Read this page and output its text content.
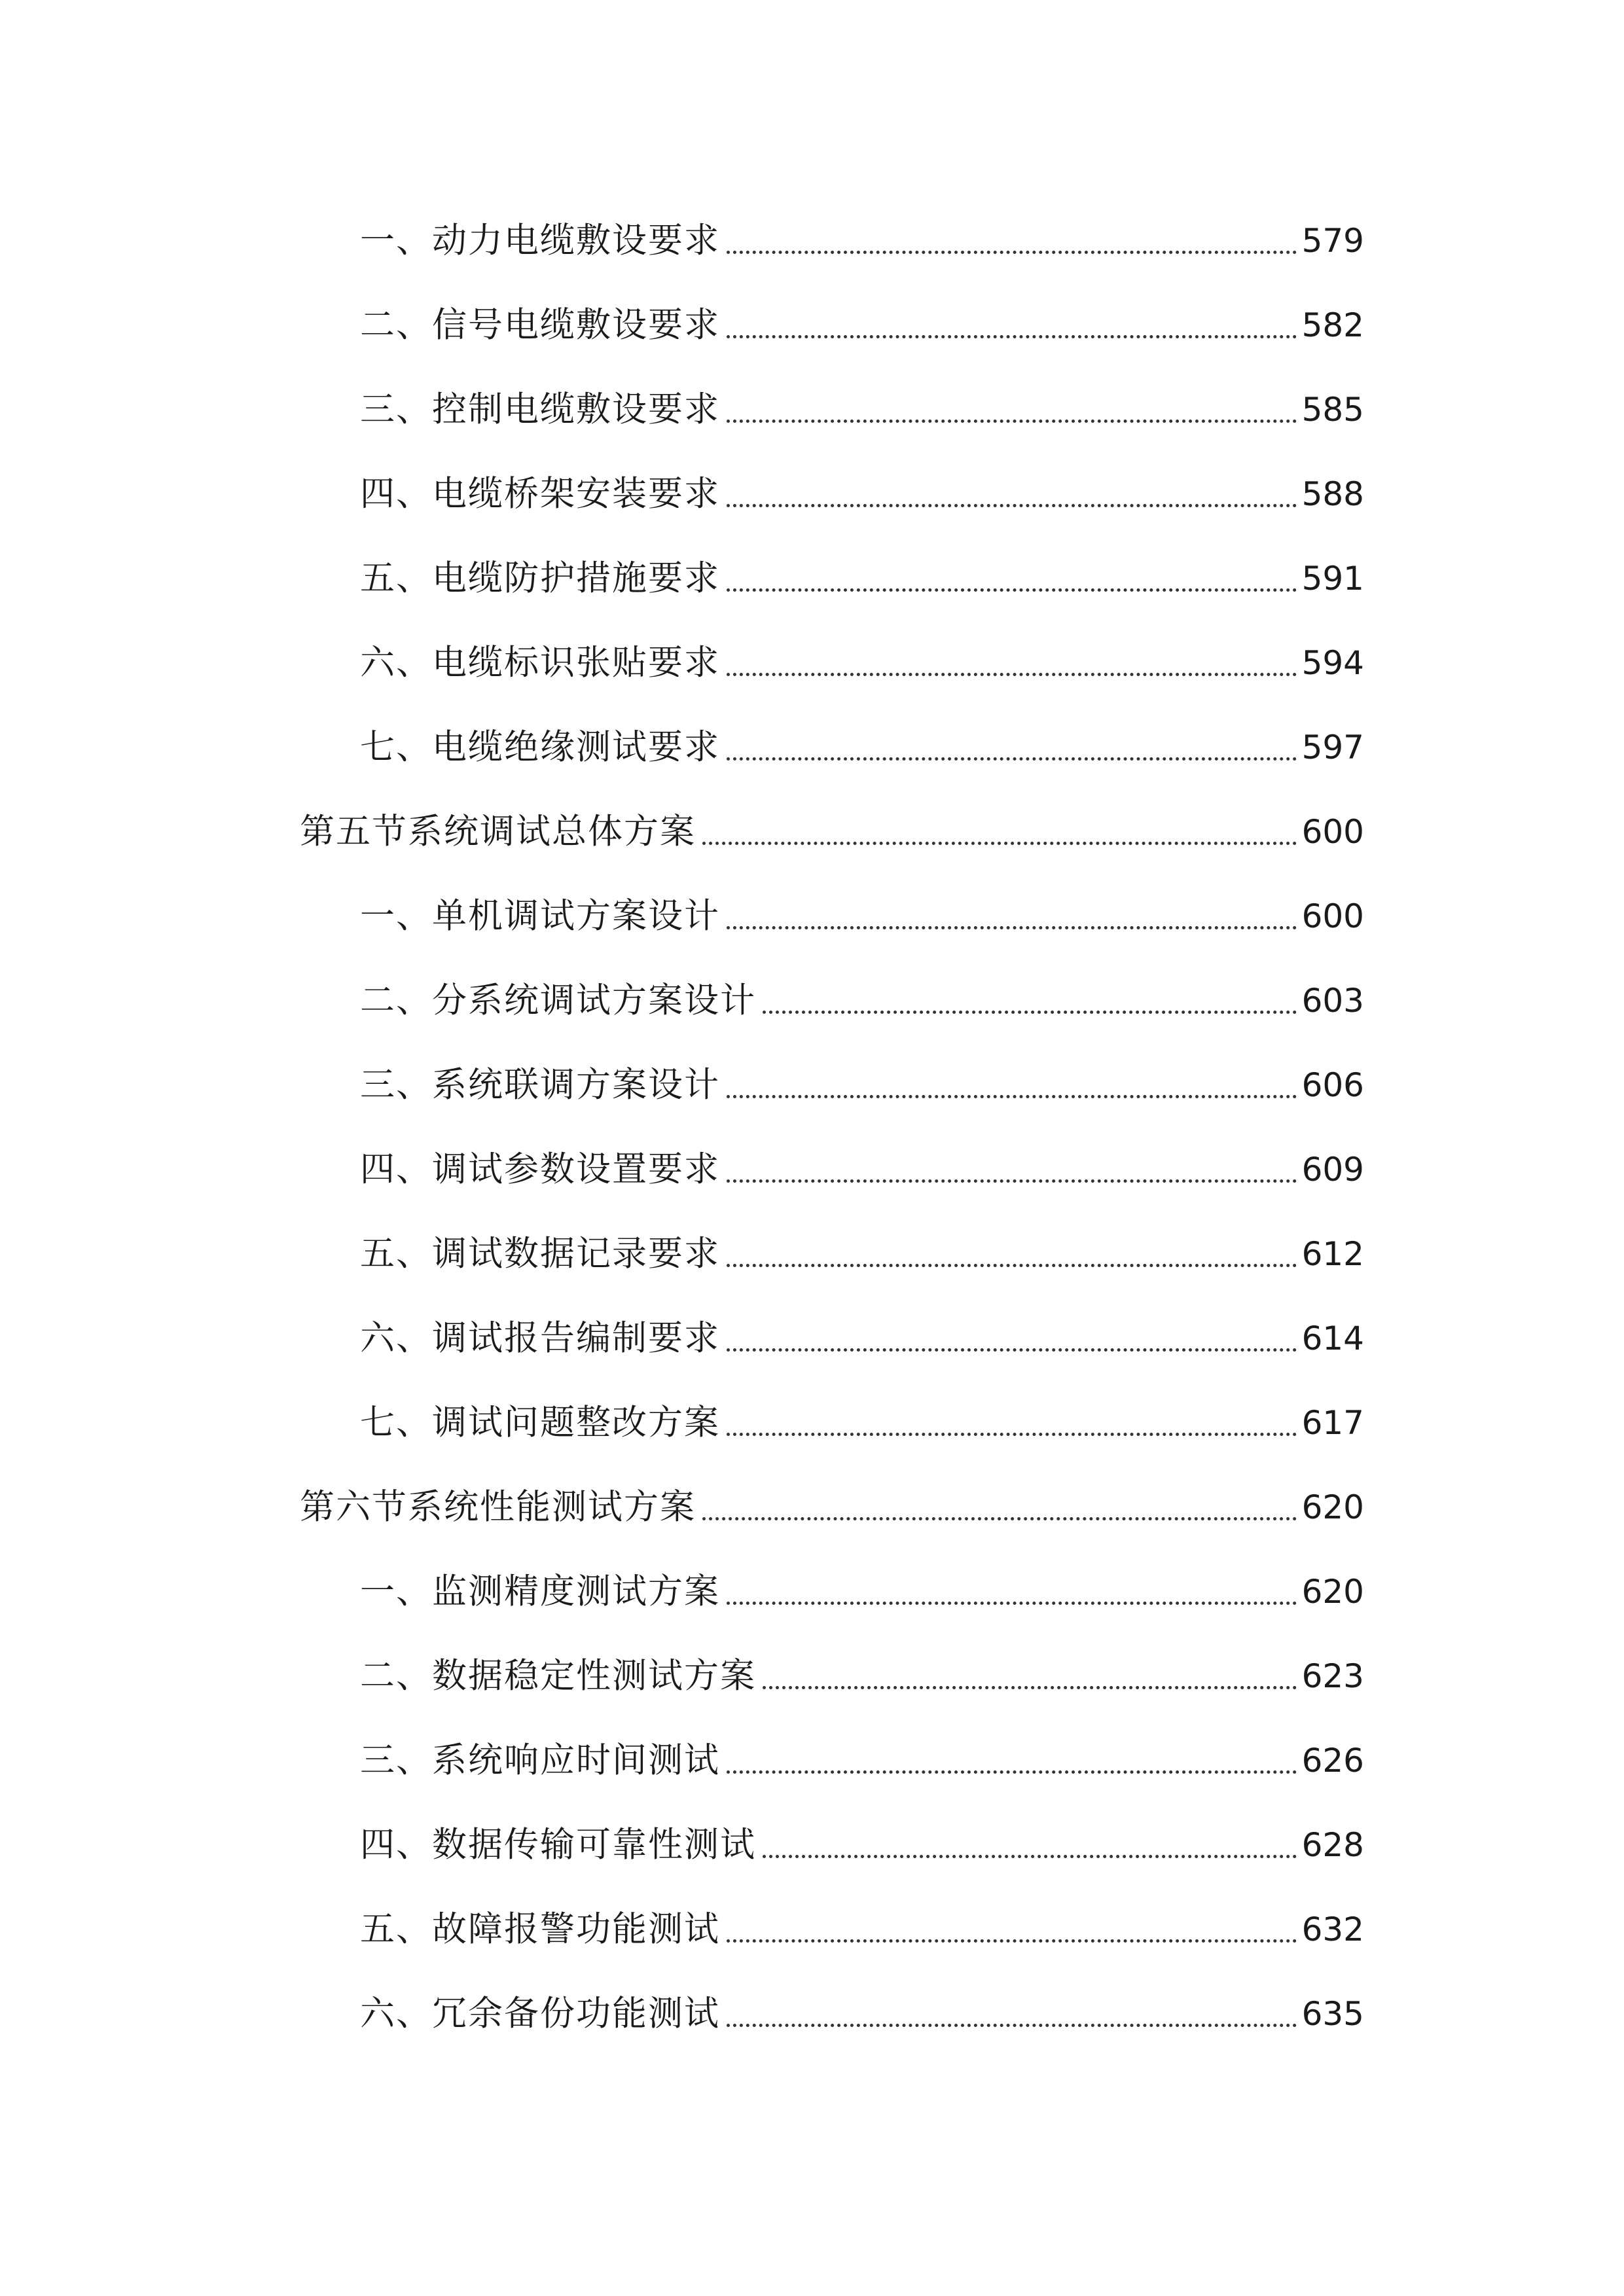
一、动力电缆敷设要求	579
二、信号电缆敷设要求	582
三、控制电缆敷设要求	585
四、电缆桥架安装要求	588
五、电缆防护措施要求	591
六、电缆标识张贴要求	594
七、电缆绝缘测试要求	597
第五节系统调试总体方案	600
一、单机调试方案设计	600
二、分系统调试方案设计	603
三、系统联调方案设计	606
四、调试参数设置要求	609
五、调试数据记录要求	612
六、调试报告编制要求	614
七、调试问题整改方案	617
第六节系统性能测试方案	620
一、监测精度测试方案	620
二、数据稳定性测试方案	623
三、系统响应时间测试	626
四、数据传输可靠性测试	628
五、故障报警功能测试	632
六、冗余备份功能测试	635
